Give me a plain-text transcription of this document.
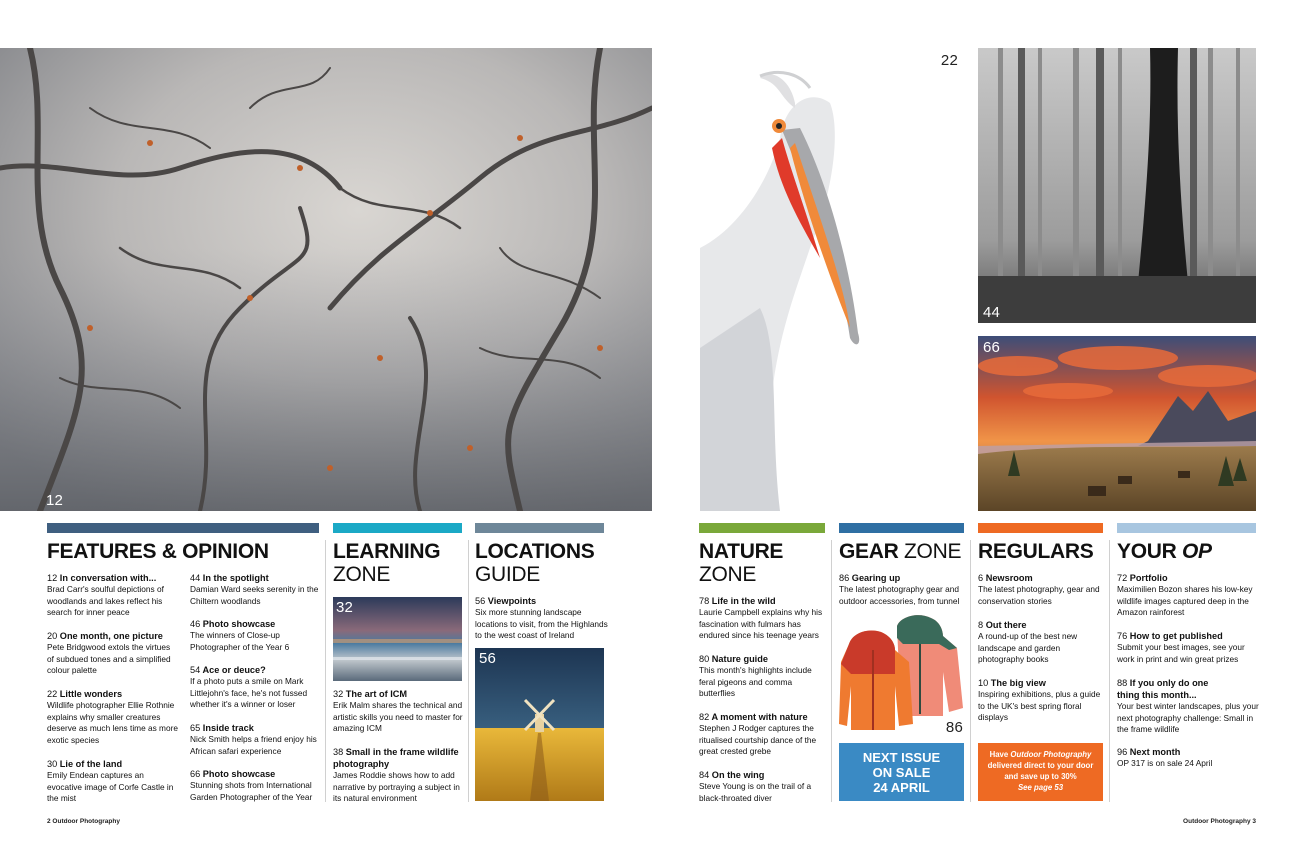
12
22
44
66
FEATURES & OPINION	LEARNING
ZONE
LOCATIONS
GUIDE
NATURE
ZONE
GEAR ZONE REGULARS YOUR OP
12 In conversation with...
Brad Carr's soulful depictions of woodlands and lakes reflect his search for inner peace
20 One month, one picture
Pete Bridgwood extols the virtues of subdued tones and a simplified colour palette
22 Little wonders
Wildlife photographer Ellie Rothnie explains why smaller creatures deserve as much lens time as more exotic species
30 Lie of the land
Emily Endean captures an evocative image of Corfe Castle in the mist
44 In the spotlight
Damian Ward seeks serenity in the Chiltern woodlands
46 Photo showcase
The winners of Close-up Photographer of the Year 6
54 Ace or deuce?
If a photo puts a smile on Mark Littlejohn's face, he's not fussed whether it's a winner or loser
65 Inside track
Nick Smith helps a friend enjoy his African safari experience
66 Photo showcase
Stunning shots from International Garden Photographer of the Year
32
32 The art of ICM
Erik Malm shares the technical and artistic skills you need to master for amazing ICM
38 Small in the frame wildlife photography
James Roddie shows how to add narrative by portraying a subject in its natural environment
56 Viewpoints
Six more stunning landscape locations to visit, from the Highlands to the west coast of Ireland
56
78 Life in the wild
Laurie Campbell explains why his fascination with fulmars has endured since his teenage years
80 Nature guide
This month's highlights include feral pigeons and comma butterflies
82 A moment with nature
Stephen J Rodger captures the ritualised courtship dance of the great crested grebe
84 On the wing
Steve Young is on the trail of a black-throated diver
86 Gearing up
The latest photography gear and outdoor accessories, from tunnel
86
NEXT ISSUE
ON SALE
24 APRIL
6 Newsroom
The latest photography, gear and conservation stories
8 Out there
A round-up of the best new landscape and garden photography books
10 The big view
Inspiring exhibitions, plus a guide to the UK's best spring floral displays
Have Outdoor Photography
delivered direct to your door
and save up to 30%
See page 53
72 Portfolio
Maximilien Bozon shares his low-key wildlife images captured deep in the Amazon rainforest
76 How to get published
Submit your best images, see your work in print and win great prizes
88 If you only do one thing this month...
Your best winter landscapes, plus your next photography challenge: Small in the frame wildlife
96 Next month
OP 317 is on sale 24 April
2 Outdoor Photography	Outdoor Photography 3
